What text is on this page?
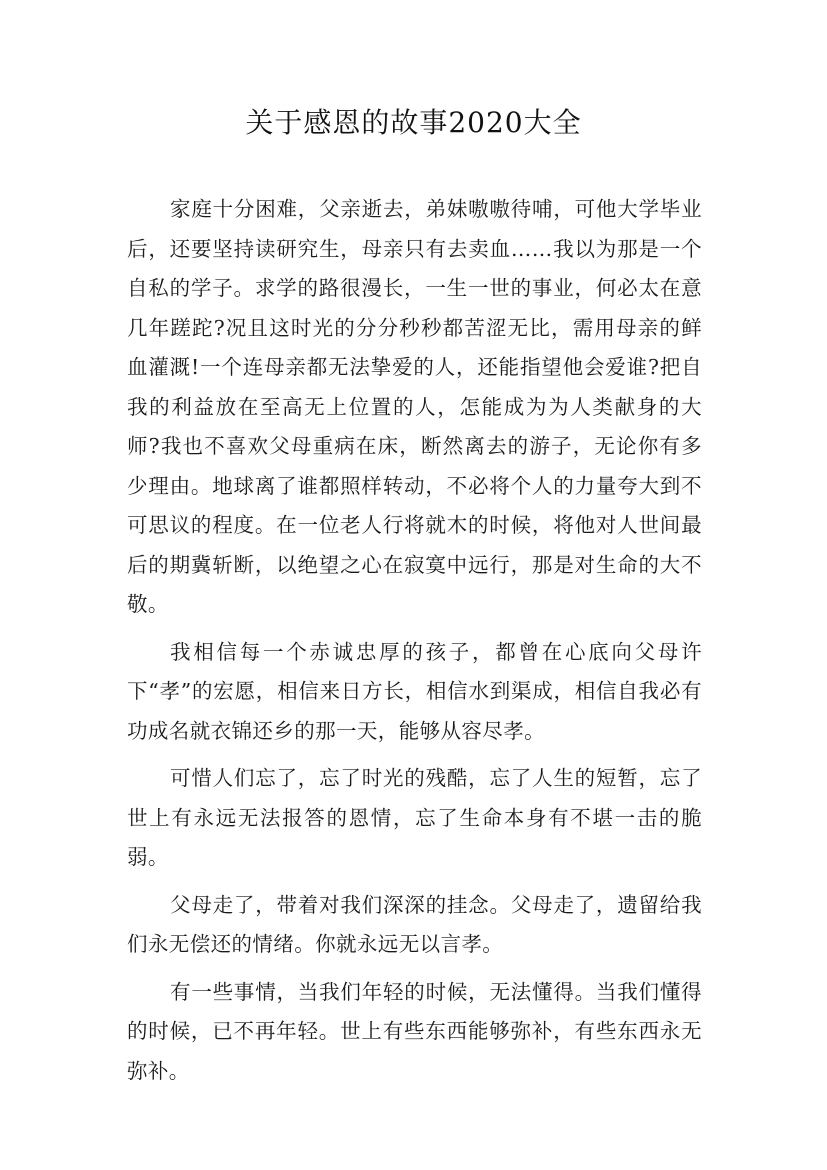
关于感恩的故事2020大全

家庭十分困难，父亲逝去，弟妹嗷嗷待哺，可他大学毕业后，还要坚持读研究生，母亲只有去卖血……我以为那是一个自私的学子。求学的路很漫长，一生一世的事业，何必太在意几年蹉跎?况且这时光的分分秒秒都苦涩无比，需用母亲的鲜血灌溉!一个连母亲都无法挚爱的人，还能指望他会爱谁?把自我的利益放在至高无上位置的人，怎能成为为人类献身的大师?我也不喜欢父母重病在床，断然离去的游子，无论你有多少理由。地球离了谁都照样转动，不必将个人的力量夸大到不可思议的程度。在一位老人行将就木的时候，将他对人世间最后的期冀斩断，以绝望之心在寂寞中远行，那是对生命的大不敬。

我相信每一个赤诚忠厚的孩子，都曾在心底向父母许下“孝”的宏愿，相信来日方长，相信水到渠成，相信自我必有功成名就衣锦还乡的那一天，能够从容尽孝。

可惜人们忘了，忘了时光的残酷，忘了人生的短暂，忘了世上有永远无法报答的恩情，忘了生命本身有不堪一击的脆弱。

父母走了，带着对我们深深的挂念。父母走了，遗留给我们永无偿还的情绪。你就永远无以言孝。

有一些事情，当我们年轻的时候，无法懂得。当我们懂得的时候，已不再年轻。世上有些东西能够弥补，有些东西永无弥补。
